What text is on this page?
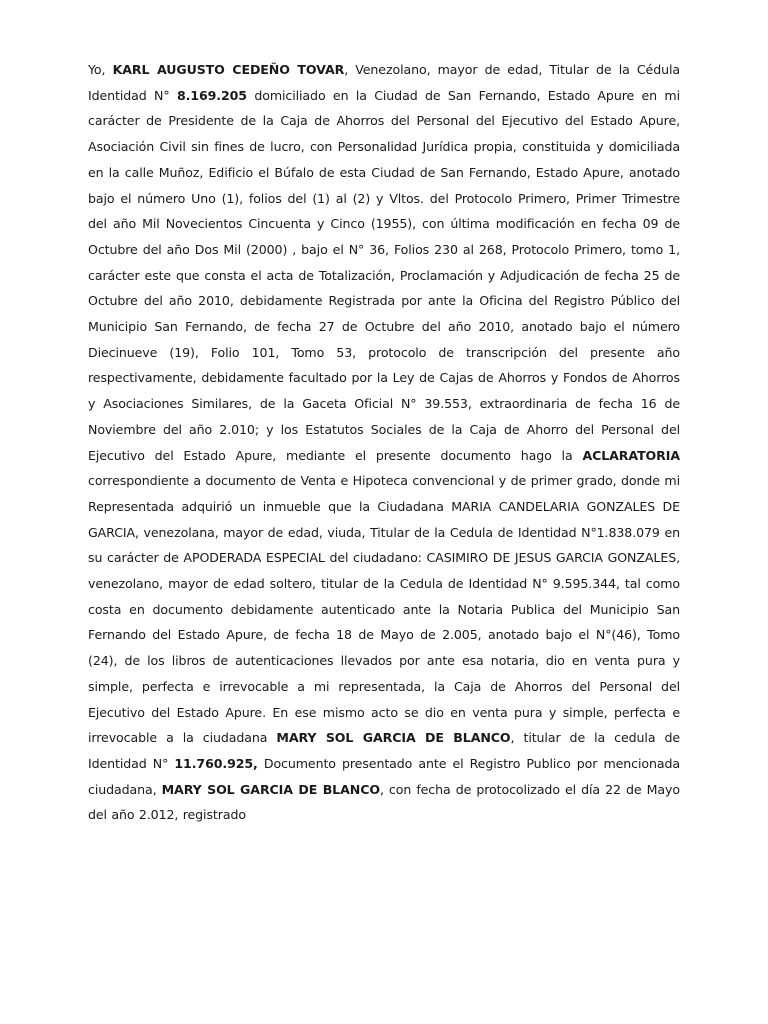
Yo, KARL AUGUSTO CEDEÑO TOVAR, Venezolano, mayor de edad, Titular de la Cédula Identidad N° 8.169.205 domiciliado en la Ciudad de San Fernando, Estado Apure en mi carácter de Presidente de la Caja de Ahorros del Personal del Ejecutivo del Estado Apure, Asociación Civil sin fines de lucro, con Personalidad Jurídica propia, constituida y domiciliada en la calle Muñoz, Edificio el Búfalo de esta Ciudad de San Fernando, Estado Apure, anotado bajo el número Uno (1), folios del (1) al (2) y Vltos. del Protocolo Primero, Primer Trimestre del año Mil Novecientos Cincuenta y Cinco (1955), con última modificación en fecha 09 de Octubre del año Dos Mil (2000) , bajo el N° 36, Folios 230 al 268, Protocolo Primero, tomo 1, carácter este que consta el acta de Totalización, Proclamación y Adjudicación de fecha 25 de Octubre del año 2010, debidamente Registrada por ante la Oficina del Registro Público del Municipio San Fernando, de fecha 27 de Octubre del año 2010, anotado bajo el número Diecinueve (19), Folio 101, Tomo 53, protocolo de transcripción del presente año respectivamente, debidamente facultado por la Ley de Cajas de Ahorros y Fondos de Ahorros y Asociaciones Similares, de la Gaceta Oficial N° 39.553, extraordinaria de fecha 16 de Noviembre del año 2.010; y los Estatutos Sociales de la Caja de Ahorro del Personal del Ejecutivo del Estado Apure, mediante el presente documento hago la ACLARATORIA correspondiente a documento de Venta e Hipoteca convencional y de primer grado, donde mi Representada adquirió un inmueble que la Ciudadana MARIA CANDELARIA GONZALES DE GARCIA, venezolana, mayor de edad, viuda, Titular de la Cedula de Identidad N°1.838.079 en su carácter de APODERADA ESPECIAL del ciudadano: CASIMIRO DE JESUS GARCIA GONZALES, venezolano, mayor de edad soltero, titular de la Cedula de Identidad N° 9.595.344, tal como costa en documento debidamente autenticado ante la Notaria Publica del Municipio San Fernando del Estado Apure, de fecha 18 de Mayo de 2.005, anotado bajo el N°(46), Tomo (24), de los libros de autenticaciones llevados por ante esa notaria, dio en venta pura y simple, perfecta e irrevocable a mi representada, la Caja de Ahorros del Personal del Ejecutivo del Estado Apure. En ese mismo acto se dio en venta pura y simple, perfecta e irrevocable a la ciudadana MARY SOL GARCIA DE BLANCO, titular de la cedula de Identidad N° 11.760.925, Documento presentado ante el Registro Publico por mencionada ciudadana, MARY SOL GARCIA DE BLANCO, con fecha de protocolizado el día 22 de Mayo del año 2.012, registrado
